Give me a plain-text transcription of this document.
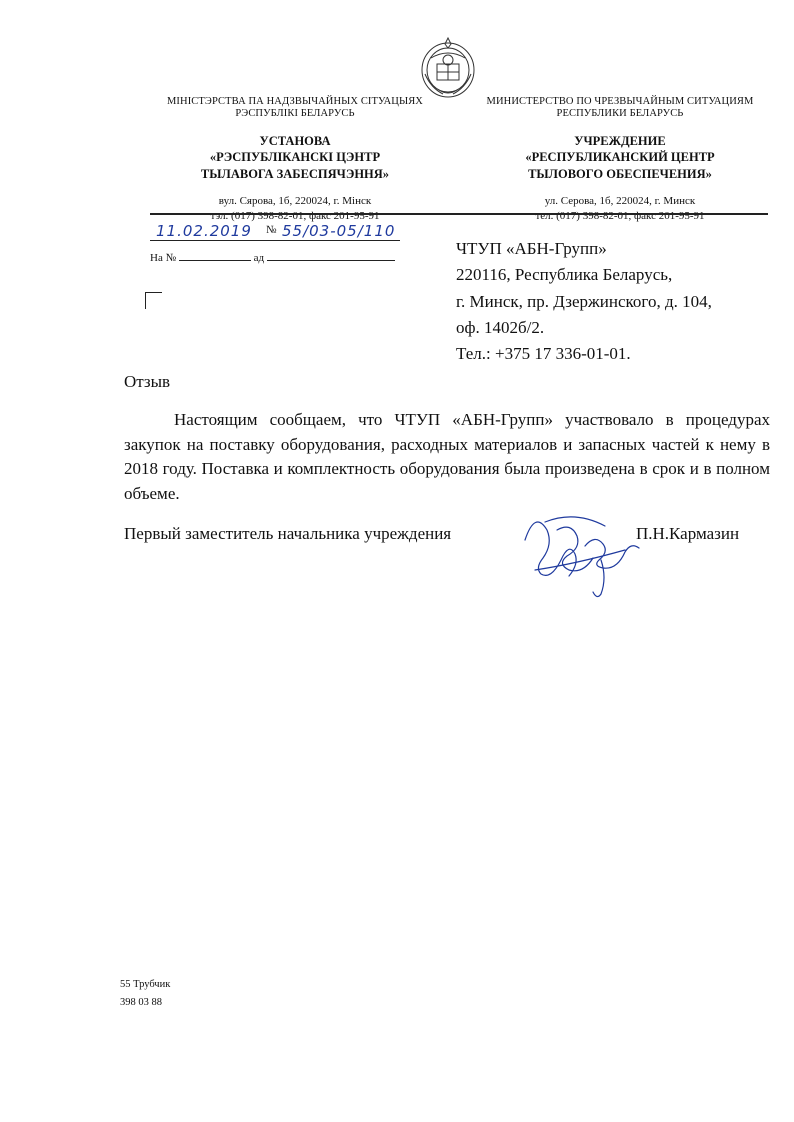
МІНІСТЭРСТВА ПА НАДЗВЫЧАЙНЫХ СІТУАЦЫЯХ
РЭСПУБЛІКІ БЕЛАРУСЬ
УСТАНОВА
«РЭСПУБЛІКАНСКІ ЦЭНТР
ТЫЛАВОГА ЗАБЕСПЯЧЭННЯ»
вул. Сярова, 1б, 220024, г. Мінск
тэл. (017) 398-82-01, факс 201-95-91
МИНИСТЕРСТВО ПО ЧРЕЗВЫЧАЙНЫМ СИТУАЦИЯМ
РЕСПУБЛИКИ БЕЛАРУСЬ
УЧРЕЖДЕНИЕ
«РЕСПУБЛИКАНСКИЙ ЦЕНТР
ТЫЛОВОГО ОБЕСПЕЧЕНИЯ»
ул. Серова, 1б, 220024, г. Минск
тел. (017) 398-82-01, факс 201-95-91
11.02.2019 № 55/03-05/110
На №	ад	ЧТУП «АБН-Групп»
220116, Республика Беларусь,
г. Минск, пр. Дзержинского, д. 104,
оф. 1402б/2.
Тел.: +375 17 336-01-01.
Отзыв
Настоящим сообщаем, что ЧТУП «АБН-Групп» участвовало в процедурах закупок на поставку оборудования, расходных материалов и запасных частей к нему в 2018 году. Поставка и комплектность оборудования была произведена в срок и в полном объеме.
Первый заместитель начальника учреждения	П.Н.Кармазин
55 Трубчик
398 03 88
